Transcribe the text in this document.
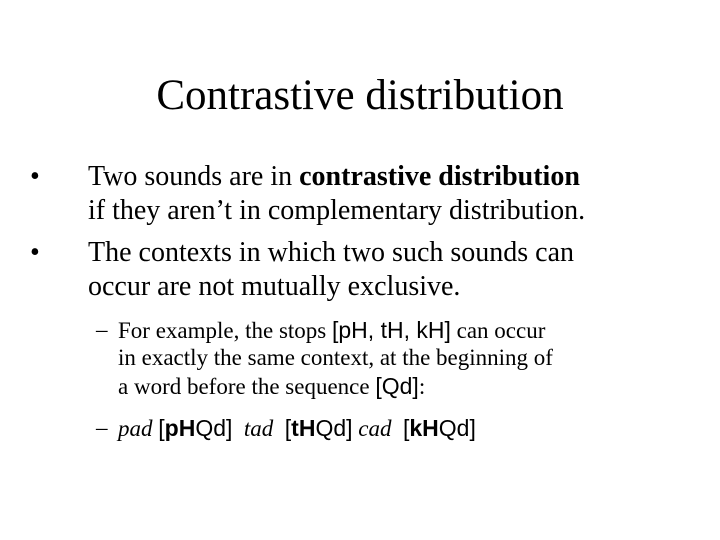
Contrastive distribution
• Two sounds are in contrastive distribution
if they aren’t in complementary distribution.
• The contexts in which two such sounds can
occur are not mutually exclusive.
– For example, the stops [pH, tH, kH] can occur
in exactly the same context, at the beginning of
a word before the sequence [Qd]:
– pad [pHQd] tad [tHQd] cad [kHQd]
